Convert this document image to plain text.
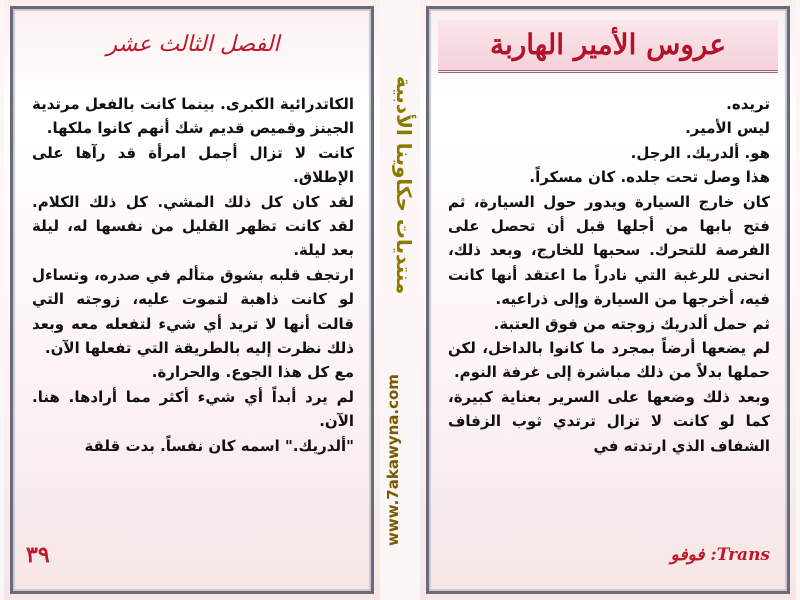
الفصل الثالث عشر

الكاتدرائية الكبرى. بينما كانت بالفعل مرتدية الجينز وقميص قديم شك أنهم كانوا ملكها.

كانت لا تزال أجمل امرأة قد رآها على الإطلاق.

لقد كان كل ذلك المشي. كل ذلك الكلام. لقد كانت تظهر القليل من نفسها له، ليلة بعد ليلة.

ارتجف قلبه بشوق متألم في صدره، وتساءل لو كانت ذاهبة لتموت عليه، زوجته التي قالت أنها لا تريد أي شيء لتفعله معه وبعد ذلك نظرت إليه بالطريقة التي تفعلها الآن.

مع كل هذا الجوع. والحرارة.

لم يرد أبداً أي شيء أكثر مما أرادها. هنا. الآن.

"ألدريك." اسمه كان نفساً. بدت قلقة

٣٩
منتديات حكاوينا الأدبية
www.7akawyna.com
عروس الأمير الهاربة

تريده.

ليس الأمير.

هو. ألدريك. الرجل.

هذا وصل تحت جلده. كان مسكراً.

كان خارج السيارة ويدور حول السيارة، ثم فتح بابها من أجلها قبل أن تحصل على الفرصة للتحرك. سحبها للخارج، وبعد ذلك، انحنى للرغبة التي نادراً ما اعتقد أنها كانت فيه، أخرجها من السيارة وإلى ذراعيه.

ثم حمل ألدريك زوجته من فوق العتبة.

لم يضعها أرضاً بمجرد ما كانوا بالداخل، لكن حملها بدلاً من ذلك مباشرة إلى غرفة النوم.

وبعد ذلك وضعها على السرير بعناية كبيرة، كما لو كانت لا تزال ترتدي ثوب الزفاف الشفاف الذي ارتدته في

فوفو :Trans
